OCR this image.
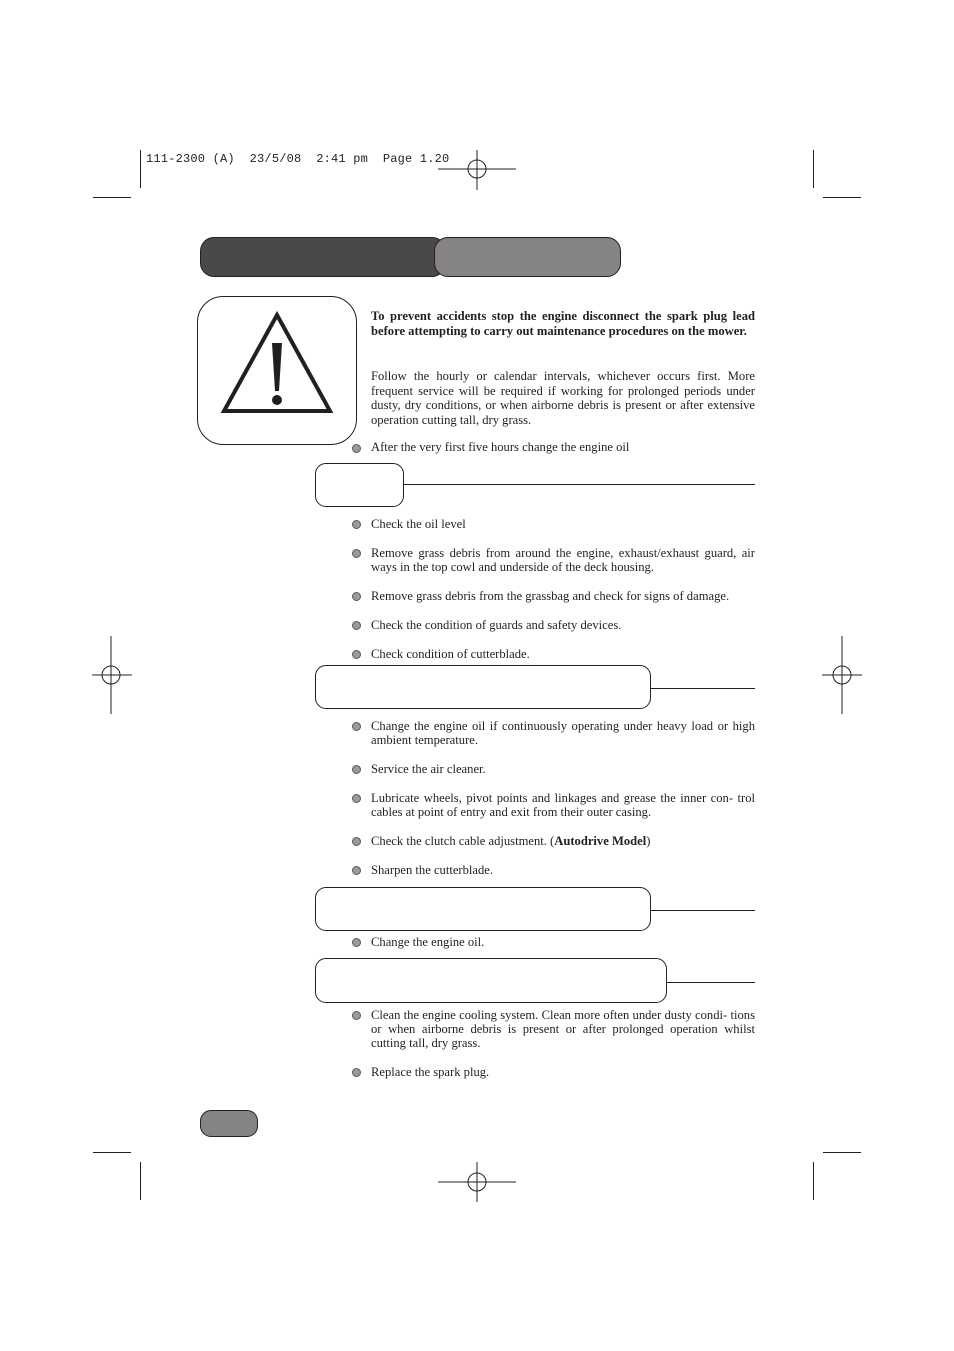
111-2300 (A)  23/5/08  2:41 pm  Page 1.20
To prevent accidents stop the engine disconnect the spark plug lead before attempting to carry out maintenance procedures on the mower.
Follow the hourly or calendar intervals, whichever occurs first. More frequent service will be required if working for prolonged periods under dusty, dry conditions, or when airborne debris is present or after extensive operation cutting tall, dry grass.
After the very first five hours change the engine oil
Check the oil level
Remove grass debris from around the engine, exhaust/exhaust guard, air ways in the top cowl and underside of the deck housing.
Remove grass debris from the grassbag and check for signs of damage.
Check the condition of guards and safety devices.
Check condition of cutterblade.
Change the engine oil if continuously operating under heavy load or high ambient temperature.
Service the air cleaner.
Lubricate wheels, pivot points and linkages and grease the inner con- trol cables at point of entry and exit from their outer casing.
Check the clutch cable adjustment. (Autodrive Model)
Sharpen the cutterblade.
Change the engine oil.
Clean the engine cooling system. Clean more often under dusty condi- tions or when airborne debris is present or after prolonged operation whilst cutting tall, dry grass.
Replace the spark plug.
